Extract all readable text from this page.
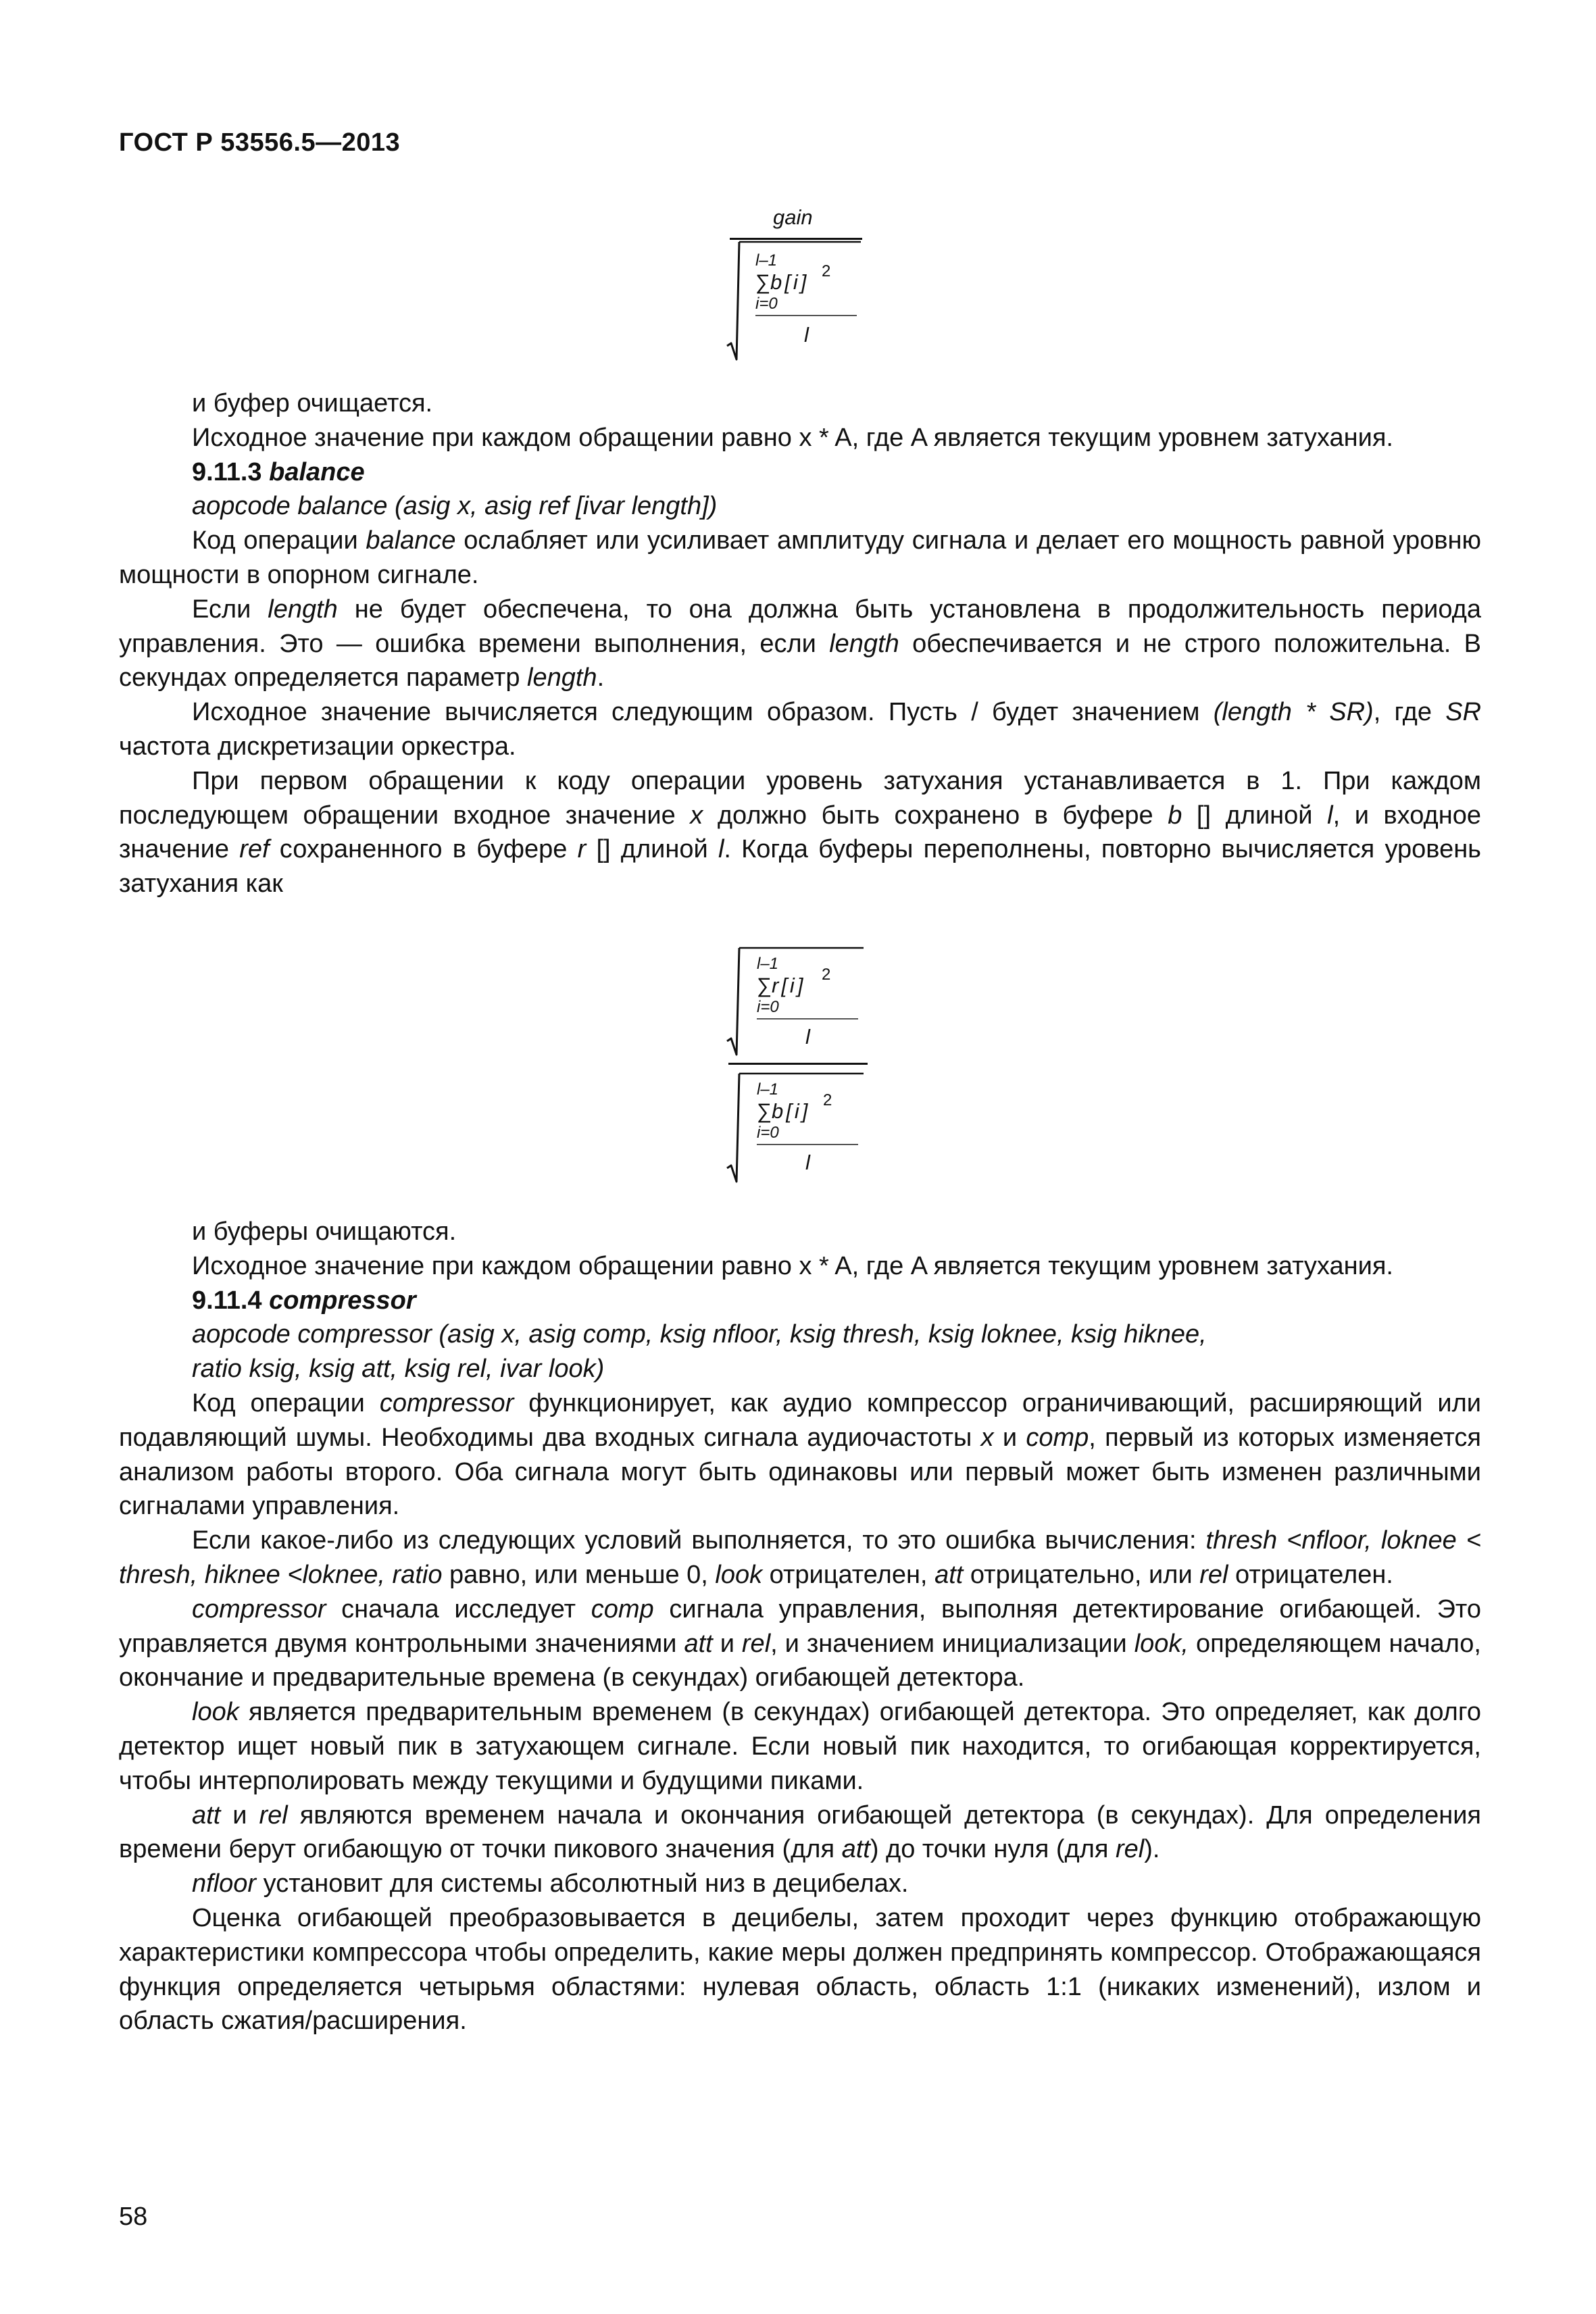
ГОСТ Р 53556.5—2013
gain
l–1
∑ b[i] 2
i=0
l

и буфер очищается.

Исходное значение при каждом обращении равно x * A, где A является текущим уровнем затухания.

9.11.3 balance

aopcode balance (asig x, asig ref [ivar length])

Код операции balance ослабляет или усиливает амплитуду сигнала и делает его мощность равной уровню мощности в опорном сигнале.

Если length не будет обеспечена, то она должна быть установлена в продолжительность периода управления. Это — ошибка времени выполнения, если length обеспечивается и не строго положительна. В секундах определяется параметр length.

Исходное значение вычисляется следующим образом. Пусть / будет значением (length * SR), где SR частота дискретизации оркестра.

При первом обращении к коду операции уровень затухания устанавливается в 1. При каждом последующем обращении входное значение x должно быть сохранено в буфере b [] длиной l, и входное значение ref сохраненного в буфере r [] длиной l. Когда буферы переполнены, повторно вычисляется уровень затухания как

l–1
∑ r[i] 2
i=0
l
l–1
∑ b[i] 2
i=0
l

и буферы очищаются.

Исходное значение при каждом обращении равно x * A, где A является текущим уровнем затухания.

9.11.4 compressor

aopcode compressor (asig x, asig comp, ksig nfloor, ksig thresh, ksig loknee, ksig hiknee,

ratio ksig, ksig att, ksig rel, ivar look)

Код операции compressor функционирует, как аудио компрессор ограничивающий, расширяющий или подавляющий шумы. Необходимы два входных сигнала аудиочастоты x и comp, первый из которых изменяется анализом работы второго. Оба сигнала могут быть одинаковы или первый может быть изменен различными сигналами управления.

Если какое-либо из следующих условий выполняется, то это ошибка вычисления: thresh <nfloor, loknee < thresh, hiknee <loknee, ratio равно, или меньше 0, look отрицателен, att отрицательно, или rel отрицателен.

compressor сначала исследует comp сигнала управления, выполняя детектирование огибающей. Это управляется двумя контрольными значениями att и rel, и значением инициализации look, определяющем начало, окончание и предварительные времена (в секундах) огибающей детектора.

look является предварительным временем (в секундах) огибающей детектора. Это определяет, как долго детектор ищет новый пик в затухающем сигнале. Если новый пик находится, то огибающая корректируется, чтобы интерполировать между текущими и будущими пиками.

att и rel являются временем начала и окончания огибающей детектора (в секундах). Для определения времени берут огибающую от точки пикового значения (для att) до точки нуля (для rel).

nfloor установит для системы абсолютный низ в децибелах.

Оценка огибающей преобразовывается в децибелы, затем проходит через функцию отображающую характеристики компрессора чтобы определить, какие меры должен предпринять компрессор. Отображающаяся функция определяется четырьмя областями: нулевая область, область 1:1 (никаких изменений), излом и область сжатия/расширения.

58
